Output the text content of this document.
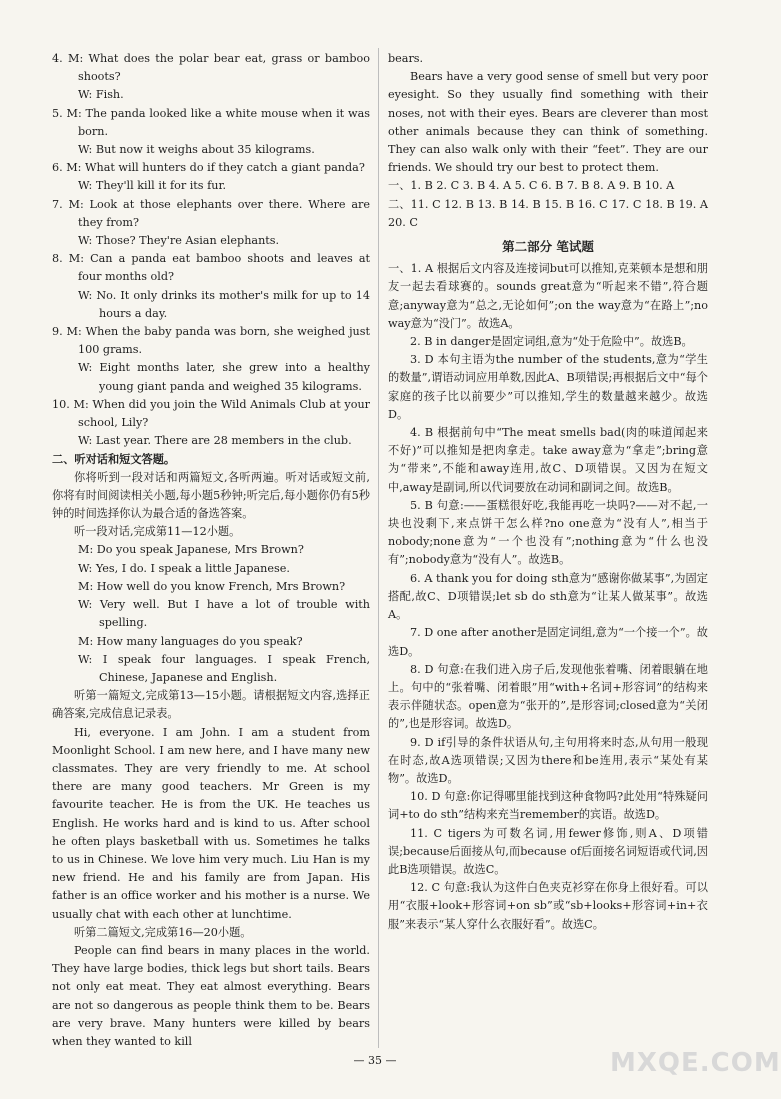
4. M: What does the polar bear eat, grass or bamboo shoots?

W: Fish.

5. M: The panda looked like a white mouse when it was born.

W: But now it weighs about 35 kilograms.

6. M: What will hunters do if they catch a giant panda?

W: They'll kill it for its fur.

7. M: Look at those elephants over there. Where are they from?

W: Those? They're Asian elephants.

8. M: Can a panda eat bamboo shoots and leaves at four months old?

W: No. It only drinks its mother's milk for up to 14 hours a day.

9. M: When the baby panda was born, she weighed just 100 grams.

W: Eight months later, she grew into a healthy young giant panda and weighed 35 kilograms.

10. M: When did you join the Wild Animals Club at your school, Lily?

W: Last year. There are 28 members in the club.

二、听对话和短文答题。

你将听到一段对话和两篇短文,各听两遍。听对话或短文前,你将有时间阅读相关小题,每小题5秒钟;听完后,每小题你仍有5秒钟的时间选择你认为最合适的备选答案。

听一段对话,完成第11—12小题。

M: Do you speak Japanese, Mrs Brown?

W: Yes, I do. I speak a little Japanese.

M: How well do you know French, Mrs Brown?

W: Very well. But I have a lot of trouble with spelling.

M: How many languages do you speak?

W: I speak four languages. I speak French, Chinese, Japanese and English.

听第一篇短文,完成第13—15小题。请根据短文内容,选择正确答案,完成信息记录表。

Hi, everyone. I am John. I am a student from Moonlight School. I am new here, and I have many new classmates. They are very friendly to me. At school there are many good teachers. Mr Green is my favourite teacher. He is from the UK. He teaches us English. He works hard and is kind to us. After school he often plays basketball with us. Sometimes he talks to us in Chinese. We love him very much. Liu Han is my new friend. He and his family are from Japan. His father is an office worker and his mother is a nurse. We usually chat with each other at lunchtime.

听第二篇短文,完成第16—20小题。

People can find bears in many places in the world. They have large bodies, thick legs but short tails. Bears not only eat meat. They eat almost everything. Bears are not so dangerous as people think them to be. Bears are very brave. Many hunters were killed by bears when they wanted to kill

bears.

Bears have a very good sense of smell but very poor eyesight. So they usually find something with their noses, not with their eyes. Bears are cleverer than most other animals because they can think of something. They can also walk only with their “feet”. They are our friends. We should try our best to protect them.

一、1. B 2. C 3. B 4. A 5. C 6. B 7. B 8. A 9. B 10. A

二、11. C 12. B 13. B 14. B 15. B 16. C 17. C 18. B 19. A 20. C

第二部分 笔试题

一、1. A 根据后文内容及连接词but可以推知,克莱顿本是想和朋友一起去看球赛的。sounds great意为“听起来不错”,符合题意;anyway意为“总之,无论如何”;on the way意为“在路上”;no way意为“没门”。故选A。

2. B in danger是固定词组,意为“处于危险中”。故选B。

3. D 本句主语为the number of the students,意为“学生的数量”,谓语动词应用单数,因此A、B项错误;再根据后文中“每个家庭的孩子比以前要少”可以推知,学生的数量越来越少。故选D。

4. B 根据前句中“The meat smells bad(肉的味道闻起来不好)”可以推知是把肉拿走。take away意为“拿走”;bring意为“带来”,不能和away连用,故C、D项错误。又因为在短文中,away是副词,所以代词要放在动词和副词之间。故选B。

5. B 句意:——蛋糕很好吃,我能再吃一块吗?——对不起,一块也没剩下,来点饼干怎么样?no one意为“没有人”,相当于nobody;none意为“一个也没有”;nothing意为“什么也没有”;nobody意为“没有人”。故选B。

6. A thank you for doing sth意为“感谢你做某事”,为固定搭配,故C、D项错误;let sb do sth意为“让某人做某事”。故选A。

7. D one after another是固定词组,意为“一个接一个”。故选D。

8. D 句意:在我们进入房子后,发现他张着嘴、闭着眼躺在地上。句中的“张着嘴、闭着眼”用“with+名词+形容词”的结构来表示伴随状态。open意为“张开的”,是形容词;closed意为“关闭的”,也是形容词。故选D。

9. D if引导的条件状语从句,主句用将来时态,从句用一般现在时态,故A选项错误;又因为there和be连用,表示“某处有某物”。故选D。

10. D 句意:你记得哪里能找到这种食物吗?此处用“特殊疑问词+to do sth”结构来充当remember的宾语。故选D。

11. C tigers为可数名词,用fewer修饰,则A、D项错误;because后面接从句,而because of后面接名词短语或代词,因此B选项错误。故选C。

12. C 句意:我认为这件白色夹克衫穿在你身上很好看。可以用“衣服+look+形容词+on sb”或“sb+looks+形容词+in+衣服”来表示“某人穿什么衣服好看”。故选C。

— 35 —	MXQE.COM
